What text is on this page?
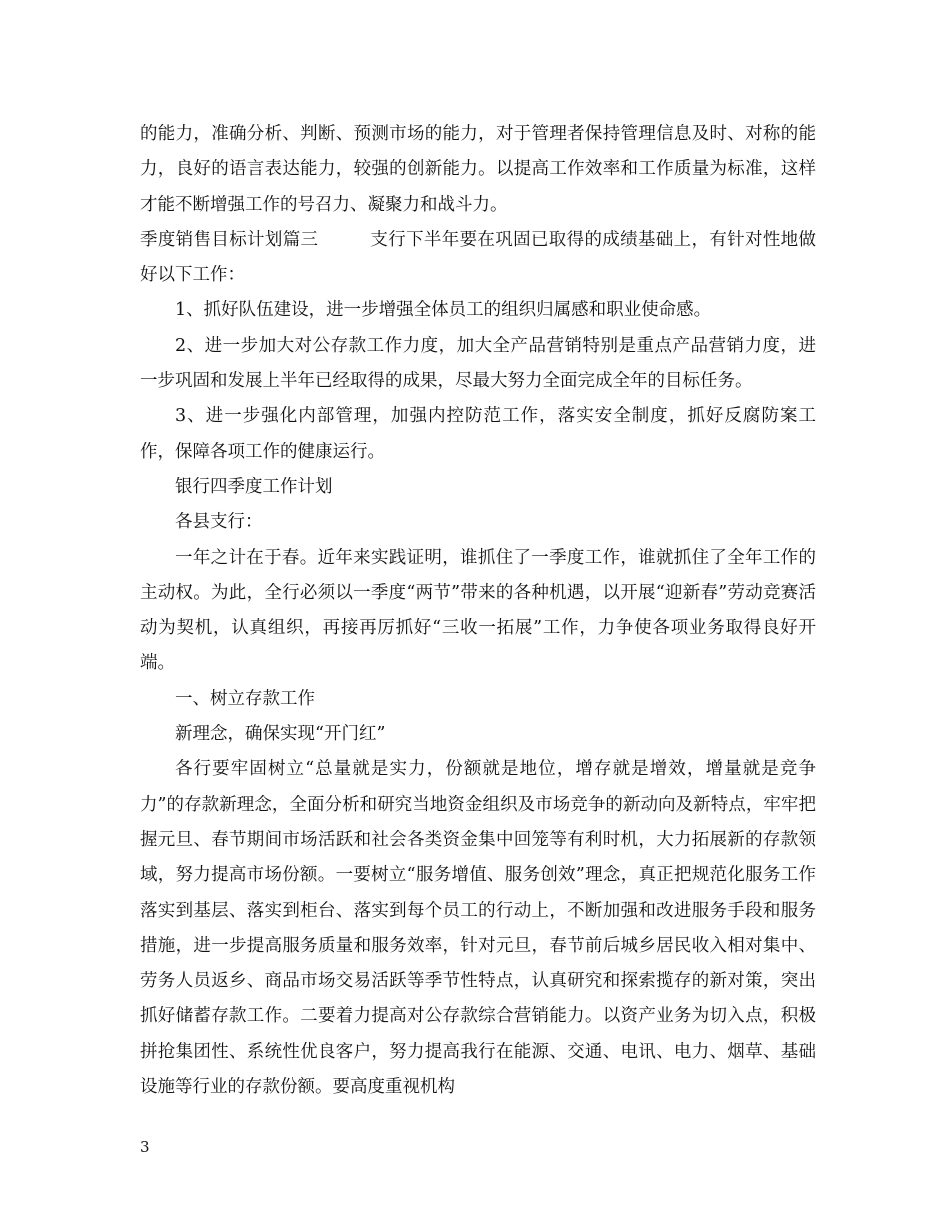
的能力，准确分析、判断、预测市场的能力，对于管理者保持管理信息及时、对称的能力，良好的语言表达能力，较强的创新能力。以提高工作效率和工作质量为标准，这样才能不断增强工作的号召力、凝聚力和战斗力。

季度销售目标计划篇三	支行下半年要在巩固已取得的成绩基础上，有针对性地做好以下工作：

1、抓好队伍建设，进一步增强全体员工的组织归属感和职业使命感。

2、进一步加大对公存款工作力度，加大全产品营销特别是重点产品营销力度，进一步巩固和发展上半年已经取得的成果，尽最大努力全面完成全年的目标任务。

3、进一步强化内部管理，加强内控防范工作，落实安全制度，抓好反腐防案工作，保障各项工作的健康运行。

银行四季度工作计划

各县支行：

一年之计在于春。近年来实践证明，谁抓住了一季度工作，谁就抓住了全年工作的主动权。为此，全行必须以一季度“两节”带来的各种机遇，以开展“迎新春”劳动竞赛活动为契机，认真组织，再接再厉抓好“三收一拓展”工作，力争使各项业务取得良好开端。

一、树立存款工作

新理念，确保实现“开门红”

各行要牢固树立“总量就是实力，份额就是地位，增存就是增效，增量就是竞争力”的存款新理念，全面分析和研究当地资金组织及市场竞争的新动向及新特点，牢牢把握元旦、春节期间市场活跃和社会各类资金集中回笼等有利时机，大力拓展新的存款领域，努力提高市场份额。一要树立“服务增值、服务创效”理念，真正把规范化服务工作落实到基层、落实到柜台、落实到每个员工的行动上，不断加强和改进服务手段和服务措施，进一步提高服务质量和服务效率，针对元旦，春节前后城乡居民收入相对集中、劳务人员返乡、商品市场交易活跃等季节性特点，认真研究和探索揽存的新对策，突出抓好储蓄存款工作。二要着力提高对公存款综合营销能力。以资产业务为切入点，积极拼抢集团性、系统性优良客户，努力提高我行在能源、交通、电讯、电力、烟草、基础设施等行业的存款份额。要高度重视机构

3
